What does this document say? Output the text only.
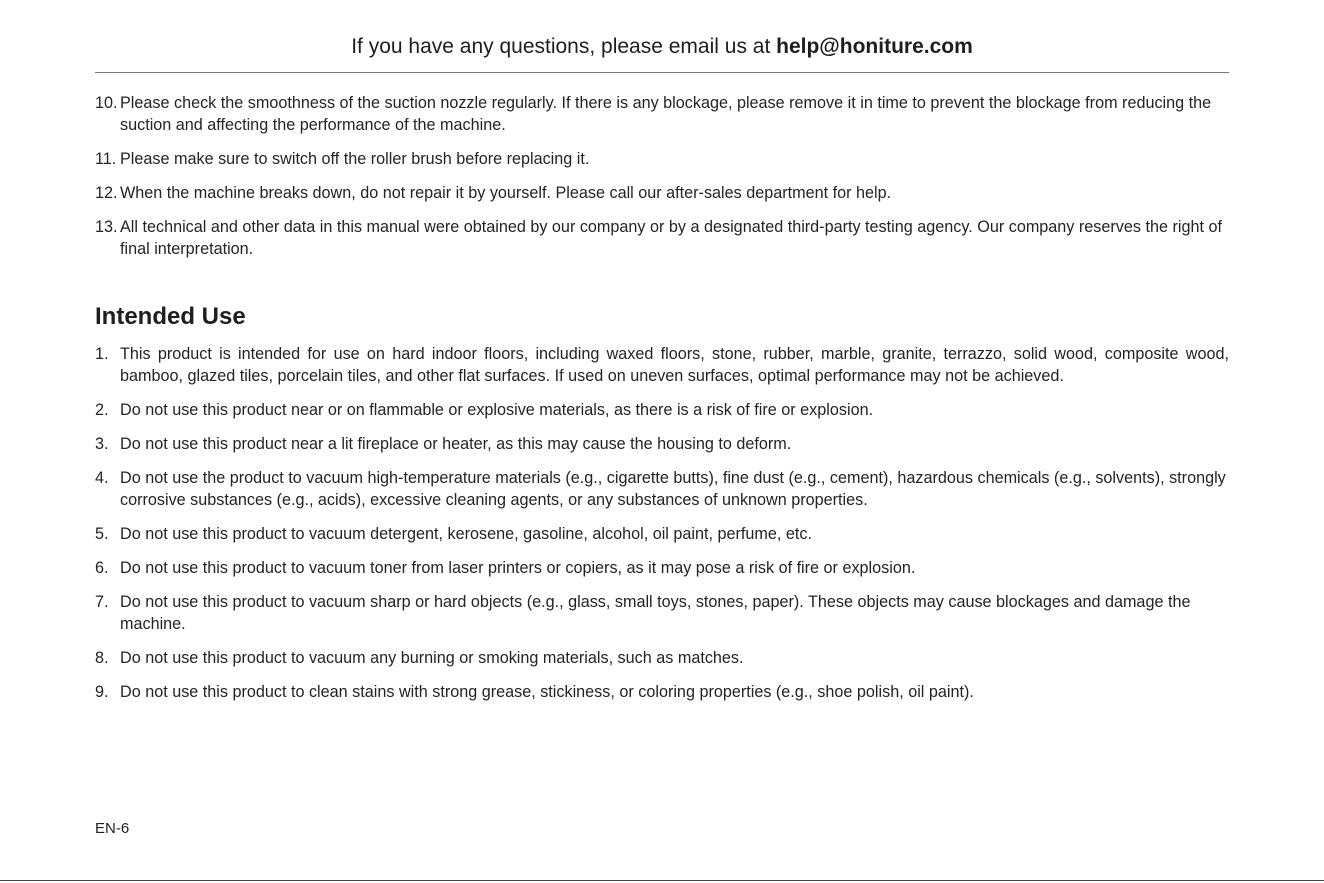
If you have any questions, please email us at help@honiture.com
10. Please check the smoothness of the suction nozzle regularly. If there is any blockage, please remove it in time to prevent the blockage from reducing the suction and affecting the performance of the machine.
11. Please make sure to switch off the roller brush before replacing it.
12. When the machine breaks down, do not repair it by yourself. Please call our after-sales department for help.
13. All technical and other data in this manual were obtained by our company or by a designated third-party testing agency. Our company reserves the right of final interpretation.
Intended Use
1. This product is intended for use on hard indoor floors, including waxed floors, stone, rubber, marble, granite, terrazzo, solid wood, composite wood, bamboo, glazed tiles, porcelain tiles, and other flat surfaces. If used on uneven surfaces, optimal performance may not be achieved.
2. Do not use this product near or on flammable or explosive materials, as there is a risk of fire or explosion.
3. Do not use this product near a lit fireplace or heater, as this may cause the housing to deform.
4. Do not use the product to vacuum high-temperature materials (e.g., cigarette butts), fine dust (e.g., cement), hazardous chemicals (e.g., solvents), strongly corrosive substances (e.g., acids), excessive cleaning agents, or any substances of unknown properties.
5. Do not use this product to vacuum detergent, kerosene, gasoline, alcohol, oil paint, perfume, etc.
6. Do not use this product to vacuum toner from laser printers or copiers, as it may pose a risk of fire or explosion.
7. Do not use this product to vacuum sharp or hard objects (e.g., glass, small toys, stones, paper). These objects may cause blockages and damage the machine.
8. Do not use this product to vacuum any burning or smoking materials, such as matches.
9. Do not use this product to clean stains with strong grease, stickiness, or coloring properties (e.g., shoe polish, oil paint).
EN-6
